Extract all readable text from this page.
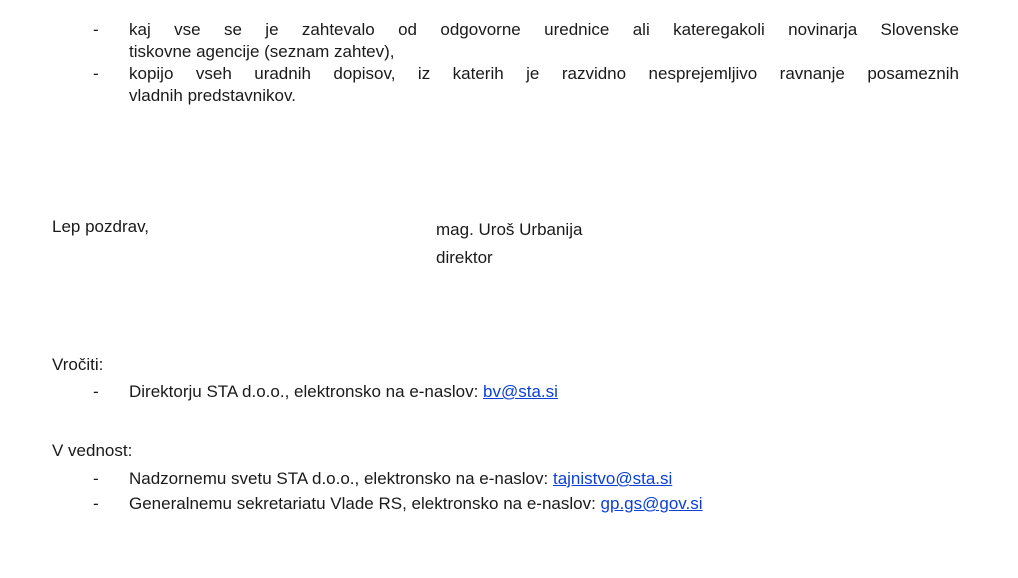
- kaj vse se je zahtevalo od odgovorne urednice ali kateregakoli novinarja Slovenske
tiskovne agencije (seznam zahtev),
- kopijo vseh uradnih dopisov, iz katerih je razvidno nesprejemljivo ravnanje posameznih
vladnih predstavnikov.
Lep pozdrav,	mag. Uroš Urbanija
direktor
Vročiti:
- Direktorju STA d.o.o., elektronsko na e-naslov: bv@sta.si
V vednost:
- Nadzornemu svetu STA d.o.o., elektronsko na e-naslov: tajnistvo@sta.si
- Generalnemu sekretariatu Vlade RS, elektronsko na e-naslov: gp.gs@gov.si
